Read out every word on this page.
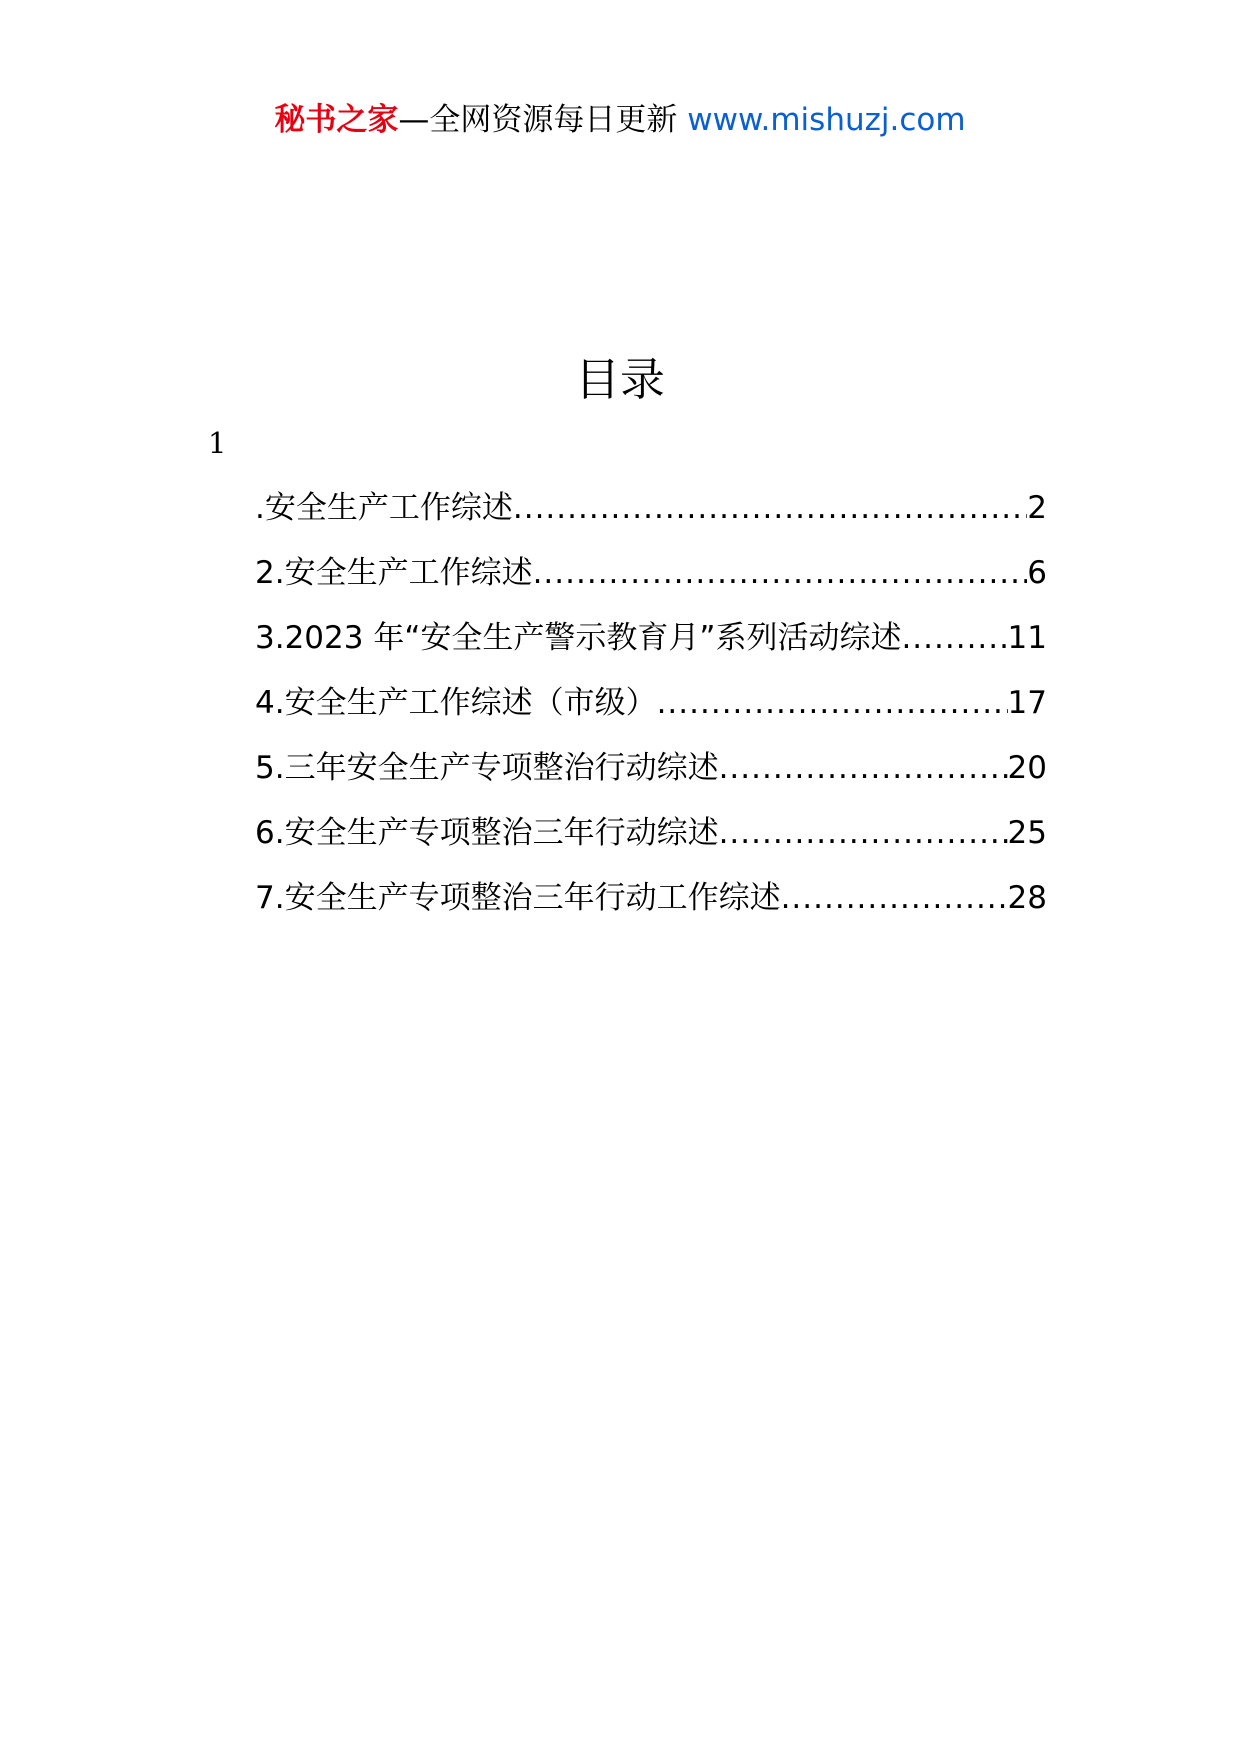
秘书之家—全网资源每日更新 www.mishuzj.com
目录
1
.安全生产工作综述 .....	2
2.安全生产工作综述 .....	6
3.2023 年“安全生产警示教育月”系列活动综述 .....	11
4.安全生产工作综述（市级） .....	17
5.三年安全生产专项整治行动综述 .....	20
6.安全生产专项整治三年行动综述 .....	25
7.安全生产专项整治三年行动工作综述 .....	28
